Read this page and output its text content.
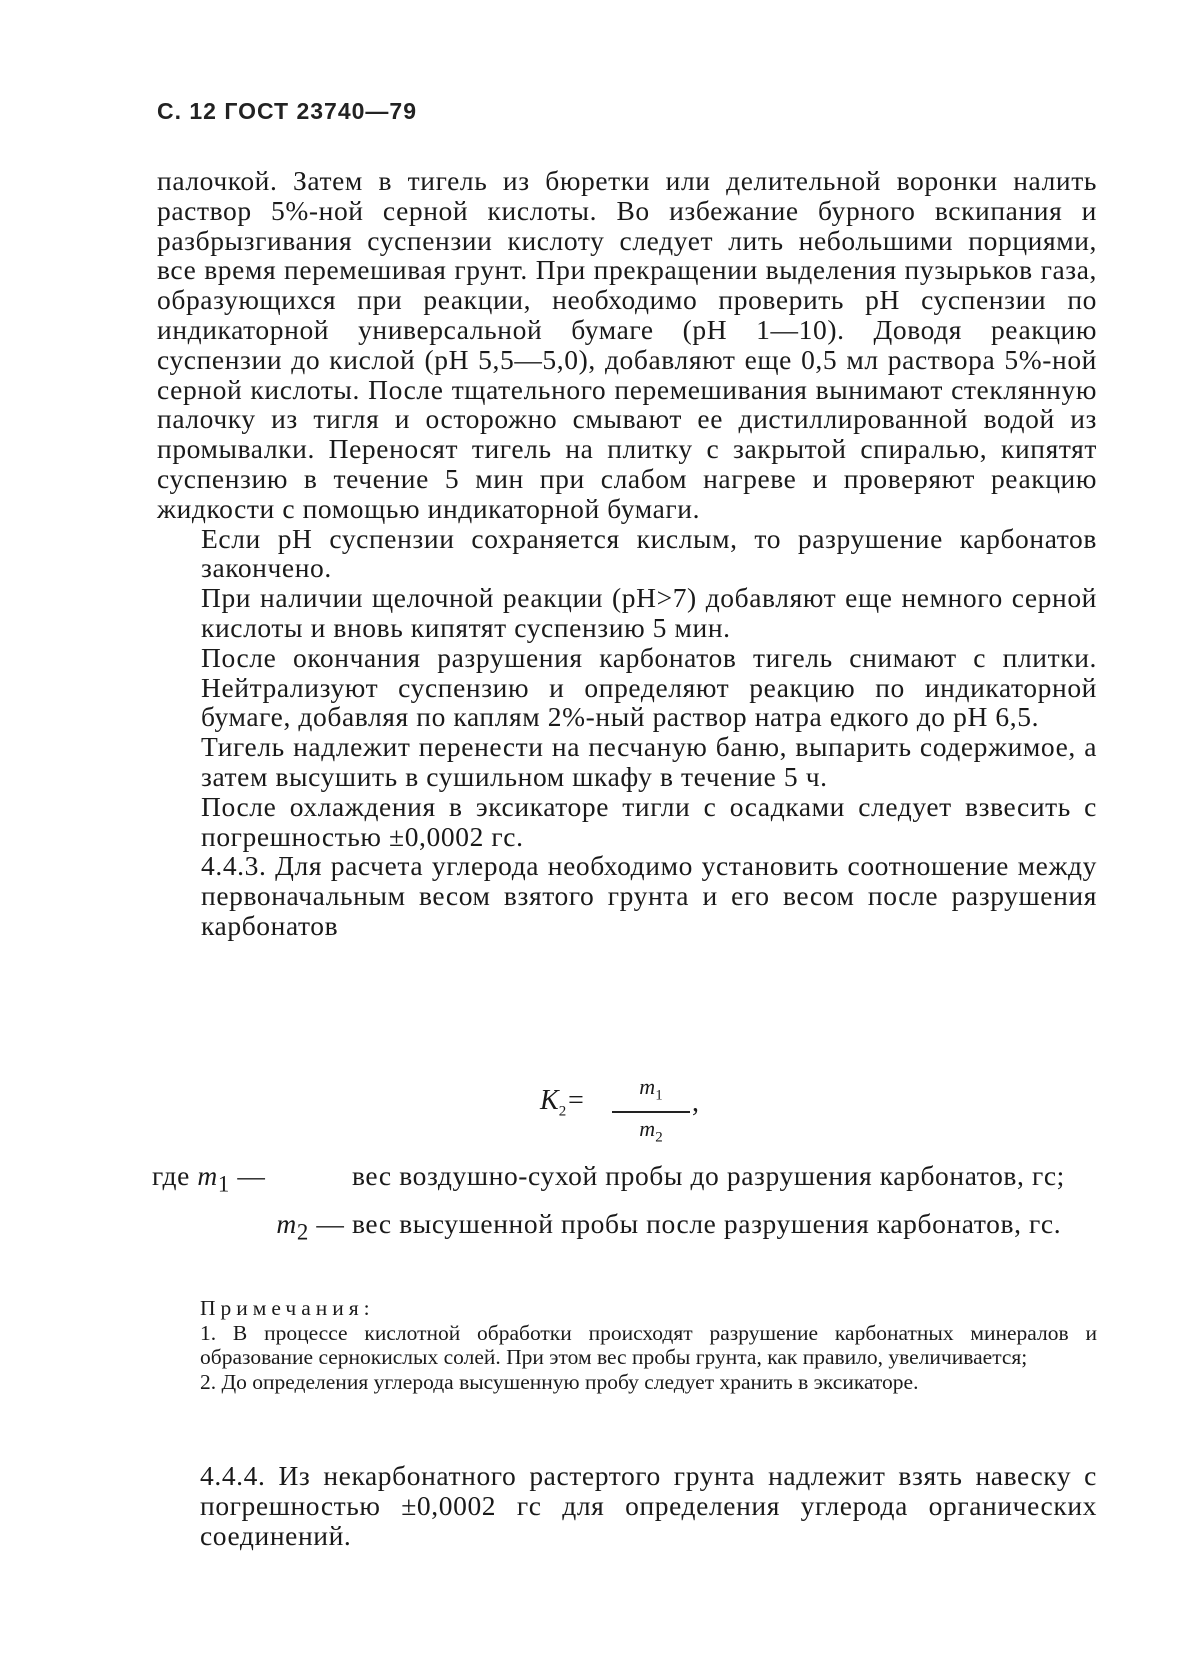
С. 12 ГОСТ 23740—79

палочкой. Затем в тигель из бюретки или делительной воронки налить раствор 5%-ной серной кислоты. Во избежание бурного вскипания и разбрызгивания суспензии кислоту следует лить небольшими порциями, все время перемешивая грунт. При прекращении выделения пузырьков газа, образующихся при реакции, необходимо проверить pH суспензии по индикаторной универсальной бумаге (pH 1—10). Доводя реакцию суспензии до кислой (pH 5,5—5,0), добавляют еще 0,5 мл раствора 5%-ной серной кислоты. После тщательного перемешивания вынимают стеклянную палочку из тигля и осторожно смывают ее дистиллированной водой из промывалки. Переносят тигель на плитку с закрытой спиралью, кипятят суспензию в течение 5 мин при слабом нагреве и проверяют реакцию жидкости с помощью индикаторной бумаги.

Если pH суспензии сохраняется кислым, то разрушение карбонатов закончено.

При наличии щелочной реакции (pH>7) добавляют еще немного серной кислоты и вновь кипятят суспензию 5 мин.

После окончания разрушения карбонатов тигель снимают с плитки. Нейтрализуют суспензию и определяют реакцию по индикаторной бумаге, добавляя по каплям 2%-ный раствор натра едкого до pH 6,5.

Тигель надлежит перенести на песчаную баню, выпарить содержимое, а затем высушить в сушильном шкафу в течение 5 ч.

После охлаждения в эксикаторе тигли с осадками следует взвесить с погрешностью ±0,0002 гс.

4.4.3. Для расчета углерода необходимо установить соотношение между первоначальным весом взятого грунта и его весом после разрушения карбонатов

$K_2=$	$m_1$
$m_2$
,
где $m_1$ —	вес воздушно-сухой пробы до разрушения карбонатов, гс;
$m_2$ — вес высушенной пробы после разрушения карбонатов, гс.
Примечания:

1. В процессе кислотной обработки происходят разрушение карбонатных минералов и образование сернокислых солей. При этом вес пробы грунта, как правило, увеличивается;

2. До определения углерода высушенную пробу следует хранить в эксикаторе.

4.4.4. Из некарбонатного растертого грунта надлежит взять навеску с погрешностью ±0,0002 гс для определения углерода органических соединений.
